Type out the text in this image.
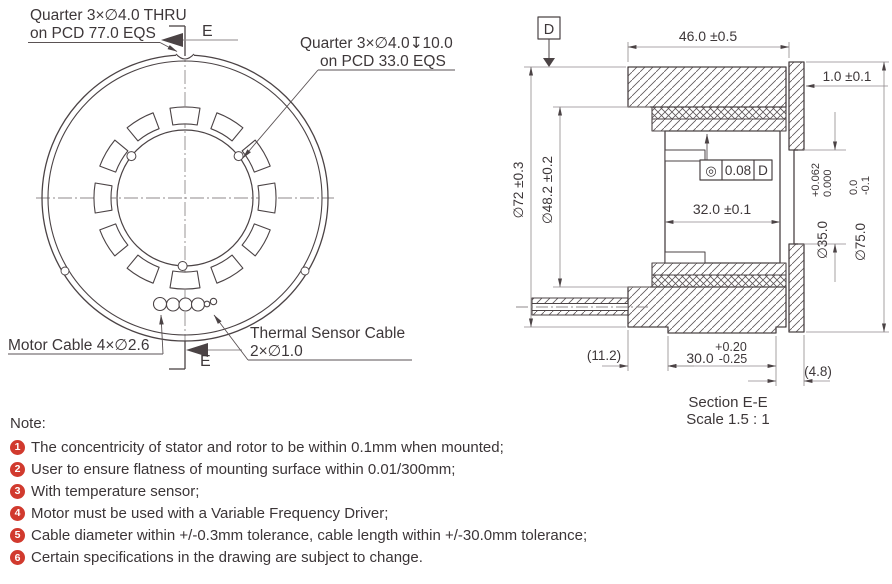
E
E
Quarter 3×∅4.0 THRU
on PCD 77.0 EQS
Quarter 3×∅4.0↧10.0
on PCD 33.0 EQS
Motor Cable 4×∅2.6
Thermal Sensor Cable
2×∅1.0
D	46.0 ±0.5
1.0 ±0.1
∅72 ±0.3 ∅48.2 ±0.2	◎ 0.08 D
32.0 ±0.1
∅35.0
+0.062 0.000
∅75.0
0.0 -0.1
(11.2)
+0.20
30.0 -0.25
(4.8)
Section E-E
Scale 1.5 : 1
Note:
1 The concentricity of stator and rotor to be within 0.1mm when mounted;
2 User to ensure flatness of mounting surface within 0.01/300mm;
3 With temperature sensor;
4 Motor must be used with a Variable Frequency Driver;
5 Cable diameter within +/-0.3mm tolerance, cable length within +/-30.0mm tolerance;
6 Certain specifications in the drawing are subject to change.
